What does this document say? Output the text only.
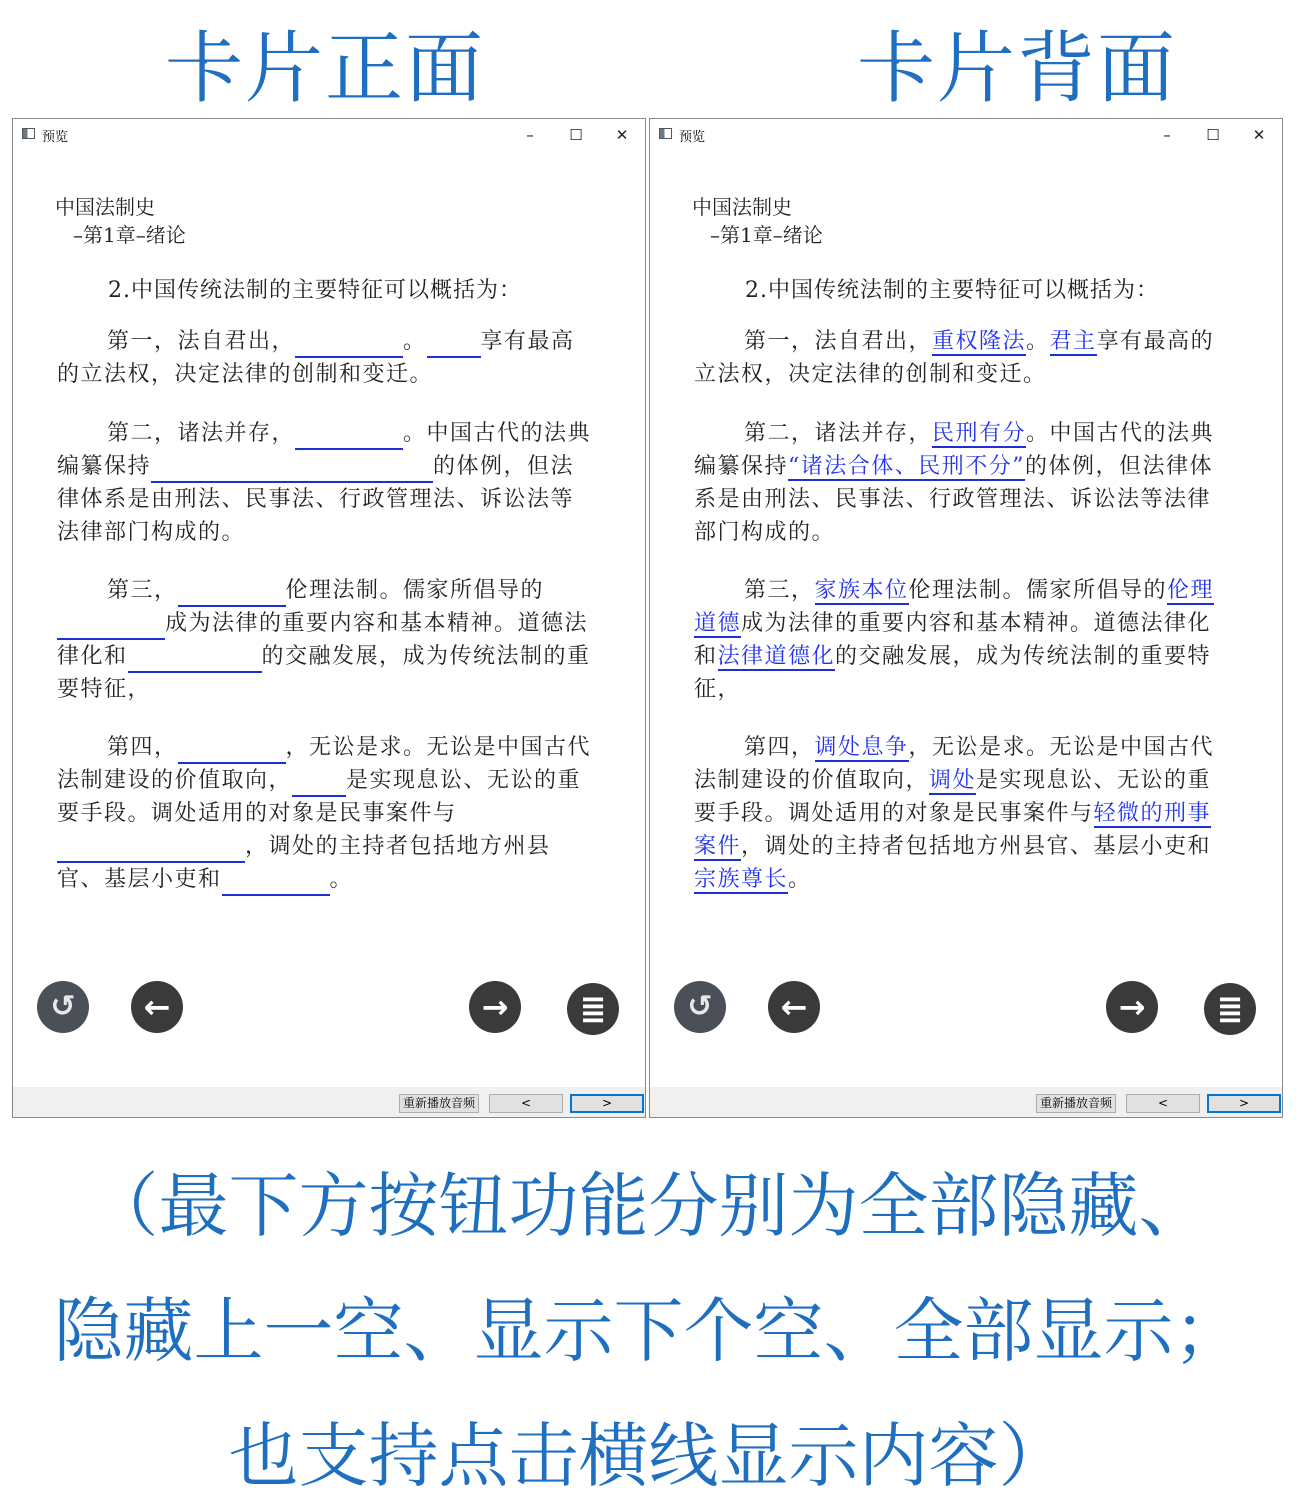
卡片正面	卡片背面
预览	–	☐	✕
中国法制史
–第1章–绪论
2.中国传统法制的主要特征可以概括为：
第一，法自君出，	。 享有最高的立法权，决定法律的创制和变迁。
第二，诸法并存，	。中国古代的法典编纂保持	的体例，但法律体系是由刑法、民事法、行政管理法、诉讼法等法律部门构成的。
第三，	伦理法制。儒家所倡导的成为法律的重要内容和基本精神。道德法律化和	的交融发展，成为传统法制的重要特征，
第四，	，无讼是求。无讼是中国古代法制建设的价值取向， 是实现息讼、无讼的重要手段。调处适用的对象是民事案件与，调处的主持者包括地方州县官、基层小吏和	。
↺	←	→	≣
重新播放音频	<	>
预览	–	☐	✕
中国法制史
–第1章–绪论
2.中国传统法制的主要特征可以概括为：
第一，法自君出，重权隆法。君主享有最高的立法权，决定法律的创制和变迁。
第二，诸法并存，民刑有分。中国古代的法典编纂保持“诸法合体、民刑不分”的体例，但法律体系是由刑法、民事法、行政管理法、诉讼法等法律部门构成的。
第三，家族本位伦理法制。儒家所倡导的伦理道德成为法律的重要内容和基本精神。道德法律化和法律道德化的交融发展，成为传统法制的重要特征，
第四，调处息争，无讼是求。无讼是中国古代法制建设的价值取向，调处是实现息讼、无讼的重要手段。调处适用的对象是民事案件与轻微的刑事案件，调处的主持者包括地方州县官、基层小吏和宗族尊长。
↺	←	→	≣
重新播放音频	<	>
（最下方按钮功能分别为全部隐藏、
隐藏上一空、显示下个空、全部显示；
也支持点击横线显示内容）
